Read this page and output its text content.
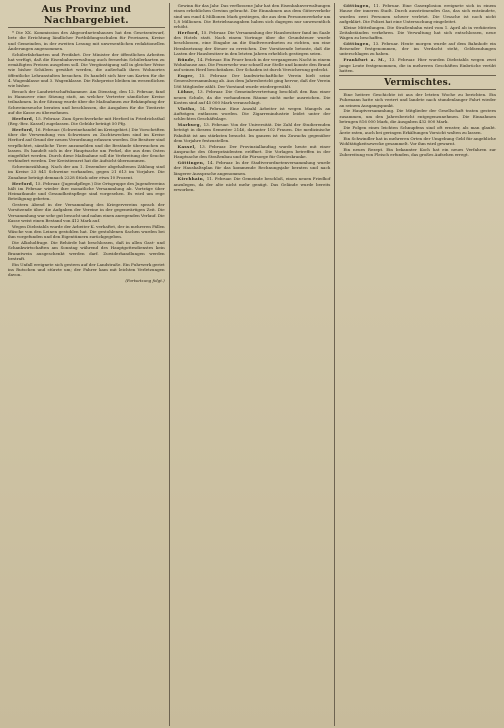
Aus Provinz und Nachbargebiet.

* Die XX. Kommission des Abgeordnetenhauses hat den Gesetzentwurf, betr. die Errichtung ländlicher Fortbildungsschulen für Provinzen, Kreise und Gemeinden, in der zweiten Lesung mit unwesentlichen redaktionellen Änderungen angenommen.

Schülerfahrkarten und Freifahrt. Der Minister der öffentlichen Arbeiten hat verfügt, daß die Eisenbahnverwaltung auch fernerhin Schülerkarten zu ermäßigten Preisen ausgeben soll. Die Vergünstigung soll in gleicher Weise wie bisher Schülern gewährt werden, die außerhalb ihres Wohnortes öffentliche Lehranstalten besuchen. Es handelt sich hier um Karten für die 4. Wagenklasse und 3. Wagenklasse. Die Fahrpreise bleiben im wesentlichen wie bisher.

Besuch der Landwirtschaftskammer. Am Dienstag, den 12. Februar, fand in Hannover eine Sitzung statt, an welcher Vertreter sämtlicher Kreise teilnahmen. In der Sitzung wurde über die Maßnahmen zur Bekämpfung der Schweineseuche beraten und beschlossen, die Ausgaben für die Tierärzte auf die Kasse zu übernehmen.

Herford, 15. Februar. Zum Sprechverkehr mit Herford in Friedrichsthal (Reg.-Bez. Kassel) zugelassen. Die Gebühr beträgt 50 Pfg.

Herford, 16. Februar. (Schweinehandel im Kreisgebiet.) Die Vorschriften über die Verwendung von Schweinen zu Zuchtzwecken sind im Kreise Herford auf Grund der neuen Verordnung erlassen worden. Die Besitzer sind verpflichtet, sämtliche Tiere anzumelden und die Bestände überwachen zu lassen. Es handelt sich in der Hauptsache um Ferkel, die aus dem Osten eingeführt werden. Durch diese Maßnahme soll die Verbreitung der Seuche verhindert werden. Der Kreistierarzt hat die Aufsicht übernommen.

Schweinezählung. Nach der am 1. Dezember abgehaltenen Zählung sind im Kreise 23 841 Schweine vorhanden, gegen 21 613 im Vorjahre. Die Zunahme beträgt demnach 2228 Stück oder etwa 10 Prozent.

Herford, 15. Februar. (Jugendpflege.) Die Ortsgruppe des Jugendvereins hält im Februar wieder ihre monatliche Versammlung ab. Vorträge über Heimatkunde und Gesundheitspflege sind vorgesehen. Es wird um rege Beteiligung gebeten.

Gestern Abend in der Versammlung des Kriegervereins sprach der Vorsitzende über die Aufgaben der Vereine in der gegenwärtigen Zeit. Die Versammlung war sehr gut besucht und nahm einen anregenden Verlauf. Die Kasse weist einen Bestand von 412 Mark auf.

Wegen Diebstahls wurde der Arbeiter K. verhaftet, der in mehreren Fällen Wäsche von den Leinen gestohlen hat. Die gestohlenen Sachen wurden bei ihm vorgefunden und den Eigentümern zurückgegeben.

Die Alkoholfrage. Die Behörde hat beschlossen, daß in allen Gast- und Schankwirtschaften am Sonntag während des Hauptgottesdienstes kein Branntwein ausgeschenkt werden darf. Zuwiderhandlungen werden bestraft.

Ein Unfall ereignete sich gestern auf der Landstraße. Ein Fuhrwerk geriet ins Rutschen und stürzte um; der Fahrer kam mit leichten Verletzungen davon.

(Fortsetzung folgt.)

Gewinn für das Jahr. Das verflossene Jahr hat den Eisenbahnverwaltungen einen erheblichen Gewinn gebracht. Die Einnahmen aus dem Güterverkehr sind um rund 4 Millionen Mark gestiegen, die aus dem Personenverkehr um 1,8 Millionen. Die Betriebsausgaben haben sich dagegen nur unwesentlich erhöht.

Herford, 15. Februar. Die Versammlung der Hausbesitzer fand im Saale des Hotels statt. Nach einem Vortrage über die Grundsteuer wurde beschlossen, eine Eingabe an die Stadtverordneten zu richten, um eine Herabsetzung der Steuer zu erreichen. Der Vorsitzende betonte, daß die Lasten der Hausbesitzer in den letzten Jahren erheblich gestiegen seien.

Bünde, 14. Februar. Ein Feuer brach in der vergangenen Nacht in einem Wohnhause aus. Die Feuerwehr war schnell zur Stelle und konnte den Brand auf seinen Herd beschränken. Der Schaden ist durch Versicherung gedeckt.

Enger, 15. Februar. Der landwirtschaftliche Verein hielt seine Generalversammlung ab. Aus dem Jahresbericht ging hervor, daß der Verein 186 Mitglieder zählt. Der Vorstand wurde wiedergewählt.

Löhne, 13. Februar. Die Gemeindevertretung beschloß den Bau einer neuen Schule, da die vorhandenen Räume nicht mehr ausreichen. Die Kosten sind auf 45 000 Mark veranschlagt.

Vlotho, 14. Februar. Eine Anzahl Arbeiter ist wegen Mangels an Aufträgen entlassen worden. Die Zigarrenindustrie leidet unter der schlechten Geschäftslage.

Marburg, 13. Februar. Von der Universität. Die Zahl der Studierenden beträgt in diesem Semester 2146, darunter 102 Frauen. Die medizinische Fakultät ist am stärksten besucht. Im ganzen ist ein Zuwachs gegenüber dem Vorjahre festzustellen.

Kassel, 13. Februar. Der Provinziallandtag wurde heute mit einer Ansprache des Oberpräsidenten eröffnet. Die Vorlagen betreffen in der Hauptsache den Straßenbau und die Fürsorge für Geisteskranke.

Göttingen, 14. Februar. In der Stadtverordnetenversammlung wurde der Haushaltsplan für das kommende Rechnungsjahr beraten und nach längerer Aussprache angenommen.

Kirchhain, 11. Februar. Die Gemeinde beschloß, einen neuen Friedhof anzulegen, da der alte nicht mehr genügt. Das Gelände wurde bereits erworben.

Göttingen, 11. Februar. Eine Gasexplosion ereignete sich in einem Hause der inneren Stadt. Durch ausströmendes Gas, das sich entzündete, wurden zwei Personen schwer verletzt. Die Ursache ist noch nicht aufgeklärt. Die Polizei hat eine Untersuchung eingeleitet.

Kleine Mitteilungen. Die Straßenbahn wird vom 1. April ab in verkürzten Zeitabständen verkehren. Die Verwaltung hat sich entschlossen, neue Wagen zu beschaffen.

Göttingen, 13. Februar. Heute morgen wurde auf dem Bahnhofe ein Reisender festgenommen, der im Verdacht steht, Geldsendungen unterschlagen zu haben.

Frankfurt a. M., 13. Februar. Hier wurden Diebstahls wegen zwei junge Leute festgenommen, die in mehreren Geschäften Einbrüche verübt hatten.

Vermischtes.

Eine heitere Geschichte ist aus der letzten Woche zu berichten. Ein Fuhrmann hatte sich verirrt und landete nach stundenlanger Fahrt wieder an seinem Ausgangspunkt.

Die Hauptversammlung. Die Mitglieder der Gesellschaft traten gestern zusammen, um den Jahresbericht entgegenzunehmen. Die Einnahmen betrugen 816 000 Mark, die Ausgaben 432 000 Mark.

Die Folgen eines leichten Schnupfens sind oft ernster, als man glaubt. Ärzte raten, auch bei geringen Erkältungen Vorsicht walten zu lassen.

Ein Schwindler hat in mehreren Orten der Umgebung Geld für angebliche Wohltätigkeitszwecke gesammelt. Vor ihm wird gewarnt.

Ein neues Rezept. Ein bekannter Koch hat ein neues Verfahren zur Zubereitung von Fleisch erfunden, das großes Aufsehen erregt.
